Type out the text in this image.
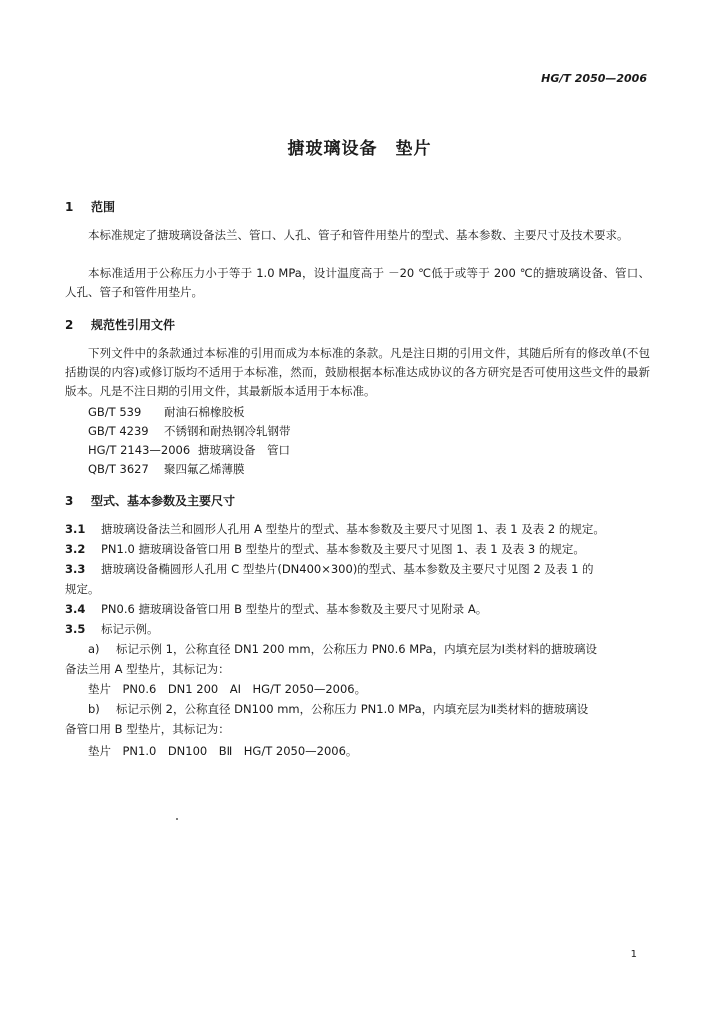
HG/T 2050—2006
搪玻璃设备　垫片
1 范围
本标准规定了搪玻璃设备法兰、管口、人孔、管子和管件用垫片的型式、基本参数、主要尺寸及技术要求。
本标准适用于公称压力小于等于 1.0 MPa，设计温度高于 －20 ℃低于或等于 200 ℃的搪玻璃设备、管口、人孔、管子和管件用垫片。
2 规范性引用文件
下列文件中的条款通过本标准的引用而成为本标准的条款。凡是注日期的引用文件，其随后所有的修改单(不包括勘误的内容)或修订版均不适用于本标准，然而，鼓励根据本标准达成协议的各方研究是否可使用这些文件的最新版本。凡是不注日期的引用文件，其最新版本适用于本标准。
GB/T 539 耐油石棉橡胶板
GB/T 4239 不锈钢和耐热钢冷轧钢带
HG/T 2143—2006 搪玻璃设备　管口
QB/T 3627 聚四氟乙烯薄膜
3 型式、基本参数及主要尺寸
3.1 搪玻璃设备法兰和圆形人孔用 A 型垫片的型式、基本参数及主要尺寸见图 1、表 1 及表 2 的规定。
3.2 PN1.0 搪玻璃设备管口用 B 型垫片的型式、基本参数及主要尺寸见图 1、表 1 及表 3 的规定。
3.3 搪玻璃设备椭圆形人孔用 C 型垫片(DN400×300)的型式、基本参数及主要尺寸见图 2 及表 1 的
规定。
3.4 PN0.6 搪玻璃设备管口用 B 型垫片的型式、基本参数及主要尺寸见附录 A。
3.5 标记示例。
a) 标记示例 1，公称直径 DN1 200 mm，公称压力 PN0.6 MPa，内填充层为Ⅰ类材料的搪玻璃设
备法兰用 A 型垫片，其标记为：
垫片　PN0.6　DN1 200　AⅠ　HG/T 2050—2006。
b) 标记示例 2，公称直径 DN100 mm，公称压力 PN1.0 MPa，内填充层为Ⅱ类材料的搪玻璃设
备管口用 B 型垫片，其标记为：
垫片　PN1.0　DN100　BⅡ　HG/T 2050—2006。
1
